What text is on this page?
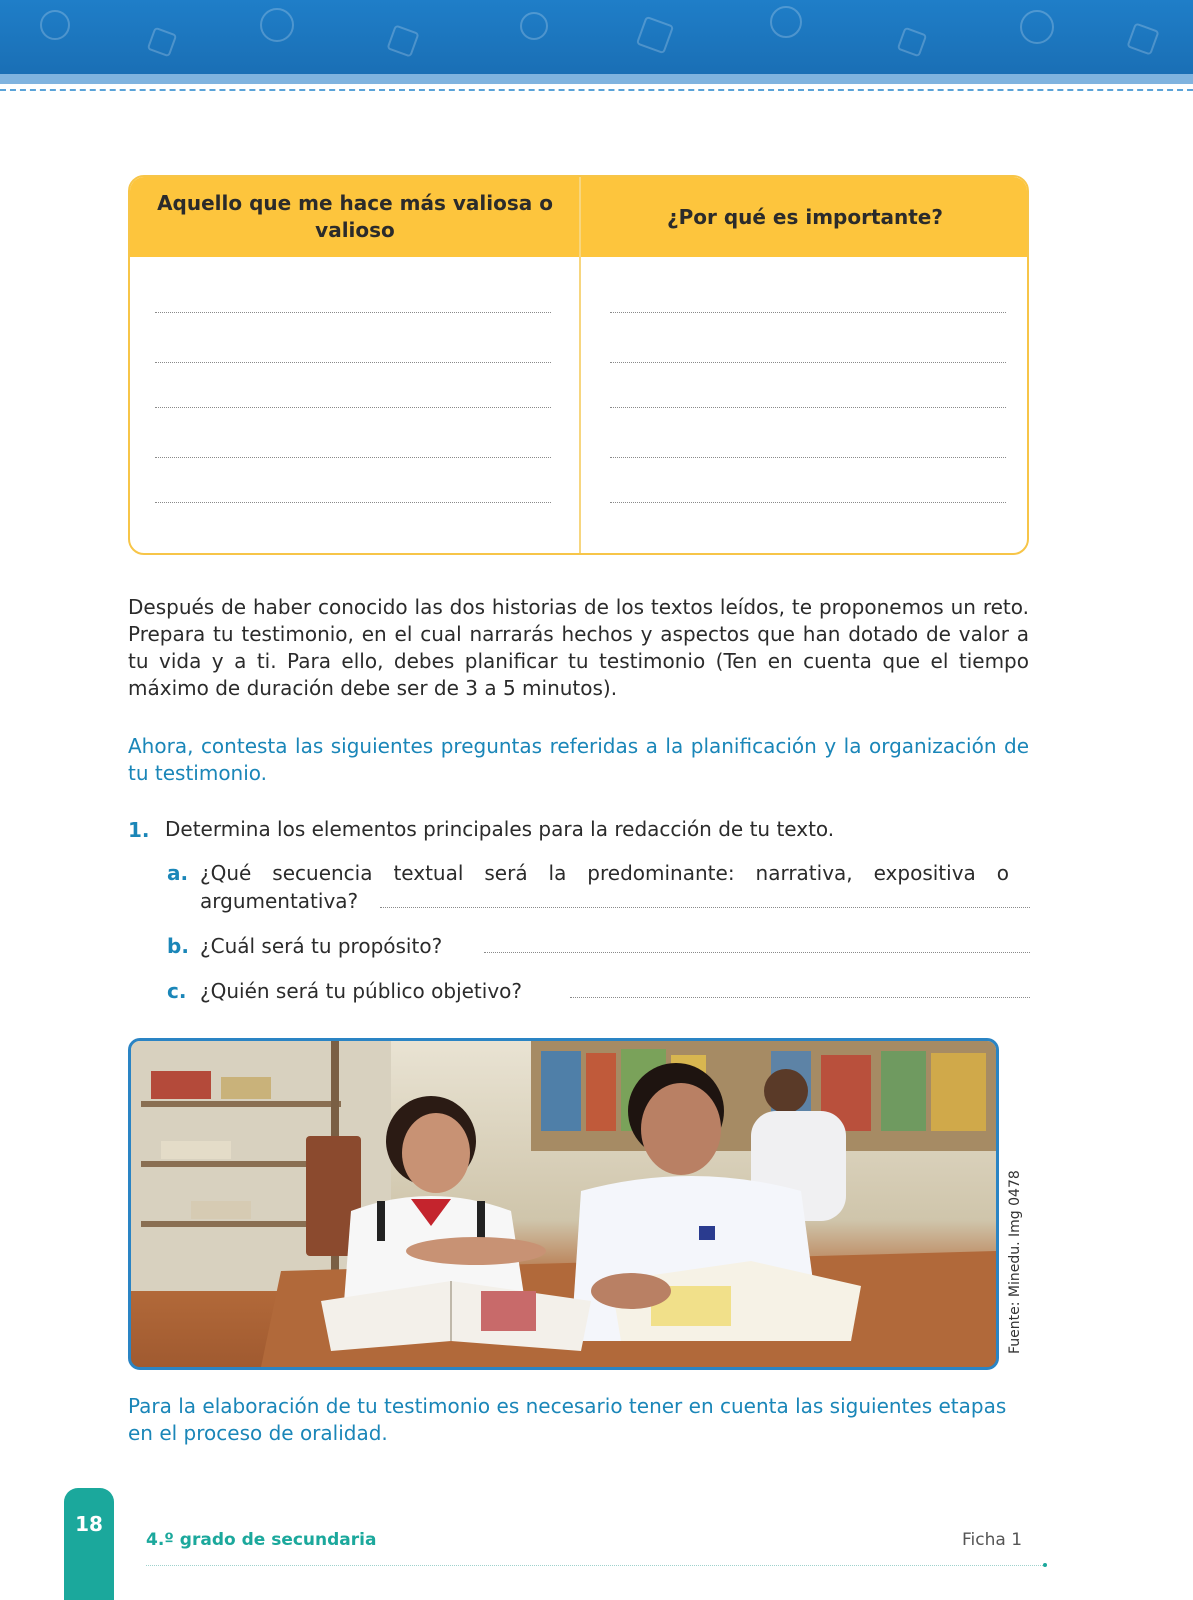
Aquello que me hace más valiosa o valioso
¿Por qué es importante?

Después de haber conocido las dos historias de los textos leídos, te proponemos un reto. Prepara tu testimonio, en el cual narrarás hechos y aspectos que han dotado de valor a tu vida y a ti. Para ello, debes planificar tu testimonio (Ten en cuenta que el tiempo máximo de duración debe ser de 3 a 5 minutos).

Ahora, contesta las siguientes preguntas referidas a la planificación y la organización de tu testimonio.

1. Determina los elementos principales para la redacción de tu texto.
a. ¿Qué secuencia textual será la predominante: narrativa, expositiva o
argumentativa?
b. ¿Cuál será tu propósito?
c. ¿Quién será tu público objetivo?
Fuente: Minedu. Img 0478

Para la elaboración de tu testimonio es necesario tener en cuenta las siguientes etapas en el proceso de oralidad.

18
4.º grado de secundaria	Ficha 1
